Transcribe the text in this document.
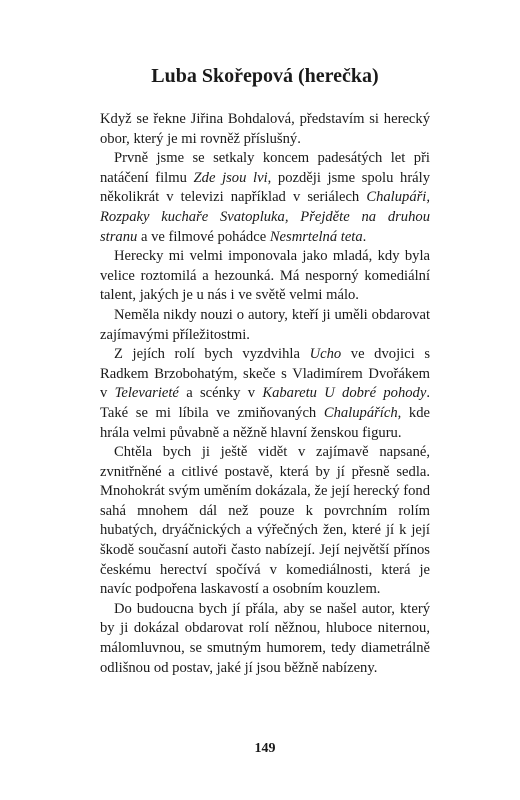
Luba Skořepová (herečka)

Když se řekne Jiřina Bohdalová, představím si herecký obor, který je mi rovněž příslušný.

Prvně jsme se setkaly koncem padesátých let při natáčení filmu Zde jsou lvi, později jsme spolu hrály několikrát v televizi například v seriálech Chalupáři, Rozpaky kuchaře Svatopluka, Přejděte na druhou stranu a ve filmové pohádce Nesmrtelná teta.

Herecky mi velmi imponovala jako mladá, kdy byla velice roztomilá a hezounká. Má nesporný komediální talent, jakých je u nás i ve světě velmi málo.

Neměla nikdy nouzi o autory, kteří ji uměli obdarovat zajímavými příležitostmi.

Z jejích rolí bych vyzdvihla Ucho ve dvojici s Radkem Brzobohatým, skeče s Vladimírem Dvořákem v Televarieté a scénky v Kabaretu U dobré pohody. Také se mi líbila ve zmiňovaných Chalupářích, kde hrála velmi půvabně a něžně hlavní ženskou figuru.

Chtěla bych ji ještě vidět v zajímavě napsané, zvnitřněné a citlivé postavě, která by jí přesně sedla. Mnohokrát svým uměním dokázala, že její herecký fond sahá mnohem dál než pouze k povrchním rolím hubatých, dryáčnických a výřečných žen, které jí k její škodě současní autoři často nabízejí. Její největší přínos českému herectví spočívá v komediálnosti, která je navíc podpořena laskavostí a osobním kouzlem.

Do budoucna bych jí přála, aby se našel autor, který by ji dokázal obdarovat rolí něžnou, hluboce niternou, málomluvnou, se smutným humorem, tedy diametrálně odlišnou od postav, jaké jí jsou běžně nabízeny.

149
